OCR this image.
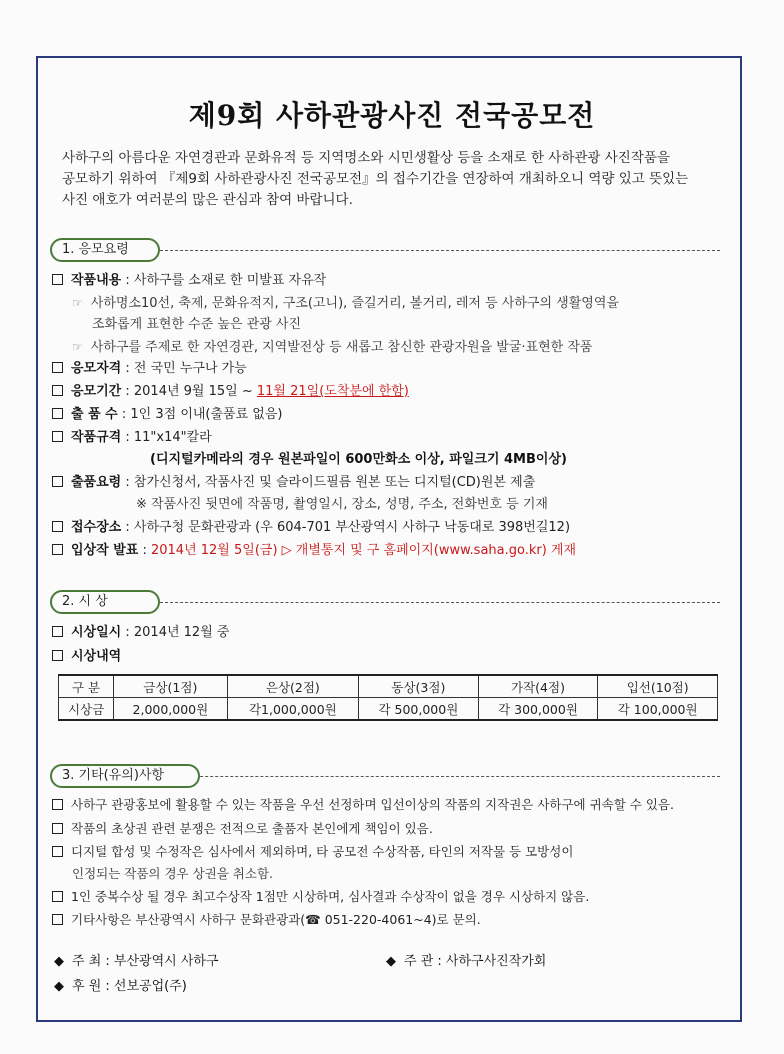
제9회 사하관광사진 전국공모전

사하구의 아름다운 자연경관과 문화유적 등 지역명소와 시민생활상 등을 소재로 한 사하관광 사진작품을

공모하기 위하여 『제9회 사하관광사진 전국공모전』의 접수기간을 연장하여 개최하오니 역량 있고 뜻있는

사진 애호가 여러분의 많은 관심과 참여 바랍니다.

1. 응모요령
작품내용 : 사하구를 소재로 한 미발표 자유작
☞ 사하명소10선, 축제, 문화유적지, 구조(고니), 즐길거리, 볼거리, 레저 등 사하구의 생활영역을
조화롭게 표현한 수준 높은 관광 사진
☞ 사하구를 주제로 한 자연경관, 지역발전상 등 새롭고 참신한 관광자원을 발굴·표현한 작품
응모자격 : 전 국민 누구나 가능
응모기간 : 2014년 9월 15일 ~ 11월 21일(도착분에 한함)
출 품 수 : 1인 3점 이내(출품료 없음)
작품규격 : 11"x14"칼라
(디지털카메라의 경우 원본파일이 600만화소 이상, 파일크기 4MB이상)
출품요령 : 참가신청서, 작품사진 및 슬라이드필름 원본 또는 디지털(CD)원본 제출
※ 작품사진 뒷면에 작품명, 촬영일시, 장소, 성명, 주소, 전화번호 등 기재
접수장소 : 사하구청 문화관광과 (우 604-701 부산광역시 사하구 낙동대로 398번길12)
입상작 발표 : 2014년 12월 5일(금) ▷ 개별통지 및 구 홈페이지(www.saha.go.kr) 게재
2. 시 상
시상일시 : 2014년 12월 중
시상내역
구 분	금상(1점)	은상(2점)	동상(3점)	가작(4점)	입선(10점)
시상금	2,000,000원	각1,000,000원	각 500,000원	각 300,000원	각 100,000원
3. 기타(유의)사항
사하구 관광홍보에 활용할 수 있는 작품을 우선 선정하며 입선이상의 작품의 지작권은 사하구에 귀속할 수 있음.
작품의 초상권 관련 분쟁은 전적으로 출품자 본인에게 책임이 있음.
디지털 합성 및 수정작은 심사에서 제외하며, 타 공모전 수상작품, 타인의 저작물 등 모방성이
인정되는 작품의 경우 상권을 취소함.
1인 중복수상 될 경우 최고수상작 1점만 시상하며, 심사결과 수상작이 없을 경우 시상하지 않음.
기타사항은 부산광역시 사하구 문화관광과(☎ 051-220-4061~4)로 문의.
◆ 주 최 : 부산광역시 사하구	◆ 주 관 : 사하구사진작가회
◆ 후 원 : 선보공업(주)
